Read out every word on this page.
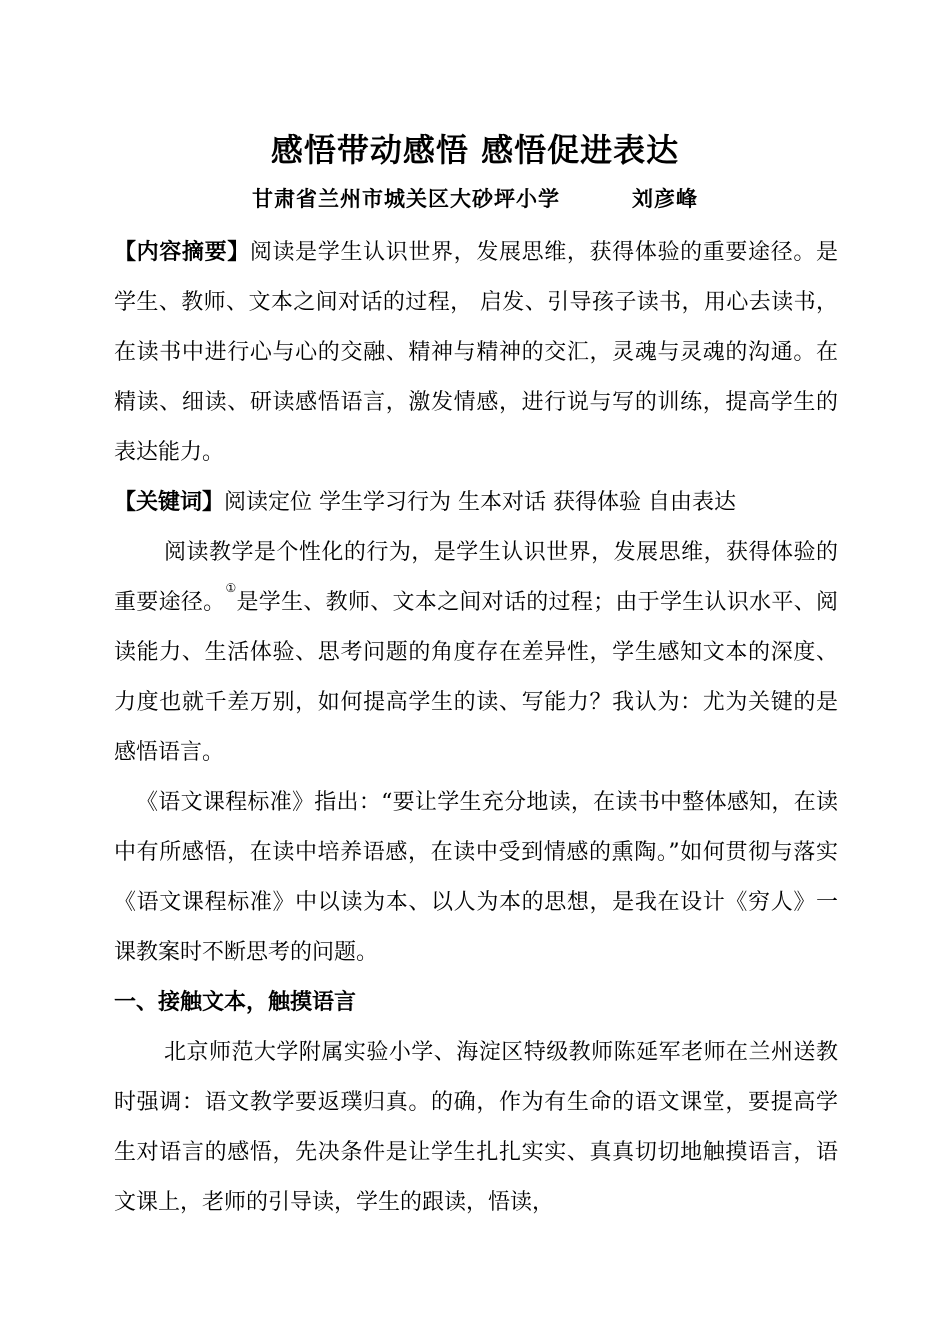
感悟带动感悟 感悟促进表达
甘肃省兰州市城关区大砂坪小学	刘彦峰

【内容摘要】阅读是学生认识世界，发展思维，获得体验的重要途径。是学生、教师、文本之间对话的过程， 启发、引导孩子读书，用心去读书，在读书中进行心与心的交融、精神与精神的交汇，灵魂与灵魂的沟通。在精读、细读、研读感悟语言，激发情感，进行说与写的训练，提高学生的表达能力。

【关键词】阅读定位 学生学习行为 生本对话 获得体验 自由表达

阅读教学是个性化的行为，是学生认识世界，发展思维，获得体验的重要途径。①是学生、教师、文本之间对话的过程；由于学生认识水平、阅读能力、生活体验、思考问题的角度存在差异性，学生感知文本的深度、力度也就千差万别，如何提高学生的读、写能力？我认为：尤为关键的是感悟语言。

《语文课程标准》指出：“要让学生充分地读，在读书中整体感知，在读中有所感悟，在读中培养语感，在读中受到情感的熏陶。”如何贯彻与落实《语文课程标准》中以读为本、以人为本的思想，是我在设计《穷人》一课教案时不断思考的问题。

一、接触文本，触摸语言

北京师范大学附属实验小学、海淀区特级教师陈延军老师在兰州送教时强调：语文教学要返璞归真。的确，作为有生命的语文课堂，要提高学生对语言的感悟，先决条件是让学生扎扎实实、真真切切地触摸语言，语文课上，老师的引导读，学生的跟读，悟读，
